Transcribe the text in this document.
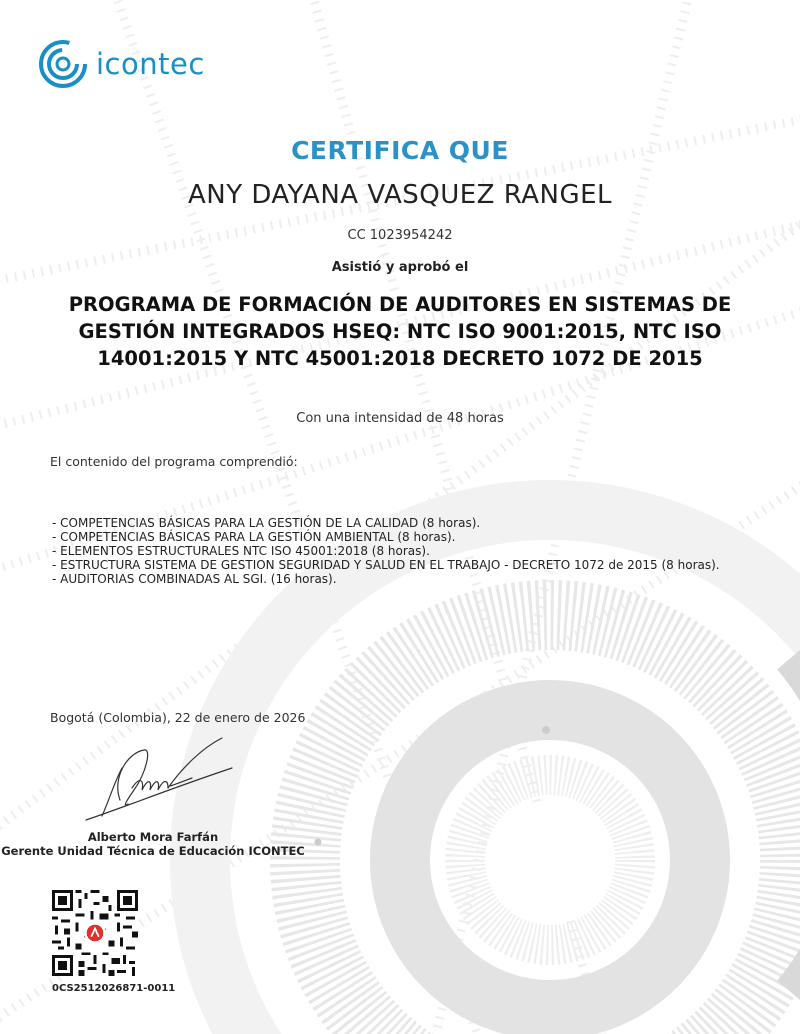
icontec
CERTIFICA QUE
ANY DAYANA VASQUEZ RANGEL
CC 1023954242
Asistió y aprobó el
PROGRAMA DE FORMACIÓN DE AUDITORES EN SISTEMAS DE GESTIÓN INTEGRADOS HSEQ: NTC ISO 9001:2015, NTC ISO 14001:2015 Y NTC 45001:2018 DECRETO 1072 DE 2015
Con una intensidad de 48 horas
El contenido del programa comprendió:

- COMPETENCIAS BÁSICAS PARA LA GESTIÓN DE LA CALIDAD (8 horas).

- COMPETENCIAS BÁSICAS PARA LA GESTIÓN AMBIENTAL (8 horas).

- ELEMENTOS ESTRUCTURALES NTC ISO 45001:2018 (8 horas).

- ESTRUCTURA SISTEMA DE GESTION SEGURIDAD Y SALUD EN EL TRABAJO - DECRETO 1072 de 2015 (8 horas).

- AUDITORIAS COMBINADAS AL SGI. (16 horas).

Bogotá (Colombia), 22 de enero de 2026
Alberto Mora Farfán
Gerente Unidad Técnica de Educación ICONTEC
0CS2512026871-0011
